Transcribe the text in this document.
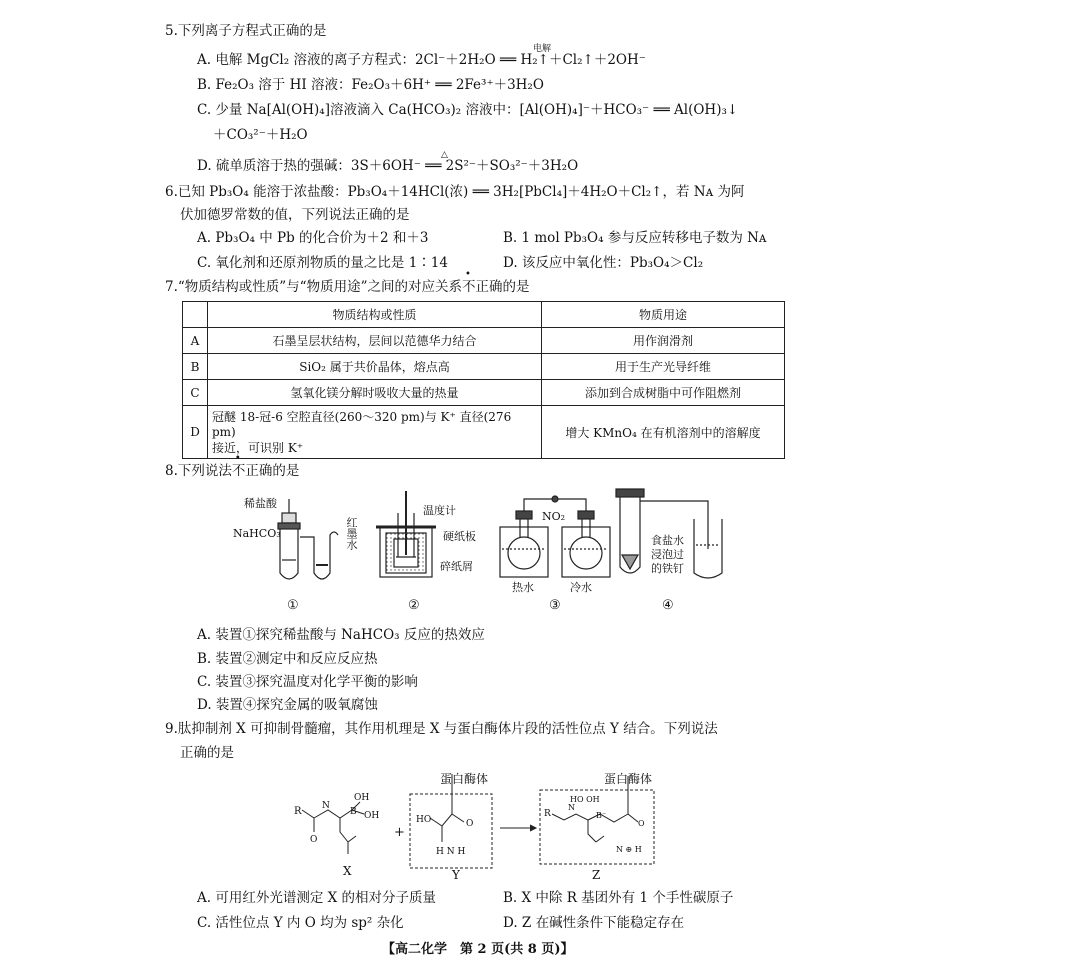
5.下列离子方程式正确的是
A. 电解 MgCl₂ 溶液的离子方程式：2Cl⁻＋2H₂O ══ H₂↑＋Cl₂↑＋2OH⁻
电解
B. Fe₂O₃ 溶于 HI 溶液：Fe₂O₃＋6H⁺ ══ 2Fe³⁺＋3H₂O
C. 少量 Na[Al(OH)₄]溶液滴入 Ca(HCO₃)₂ 溶液中：[Al(OH)₄]⁻＋HCO₃⁻ ══ Al(OH)₃↓
＋CO₃²⁻＋H₂O
D. 硫单质溶于热的强碱：3S＋6OH⁻ ══ 2S²⁻＋SO₃²⁻＋3H₂O
△
6.已知 Pb₃O₄ 能溶于浓盐酸：Pb₃O₄＋14HCl(浓) ══ 3H₂[PbCl₄]＋4H₂O＋Cl₂↑，若 Nᴀ 为阿
伏加德罗常数的值，下列说法正确的是
A. Pb₃O₄ 中 Pb 的化合价为＋2 和＋3	B. 1 mol Pb₃O₄ 参与反应转移电子数为 Nᴀ
C. 氧化剂和还原剂物质的量之比是 1∶14	D. 该反应中氧化性：Pb₃O₄＞Cl₂
7.“物质结构或性质”与“物质用途”之间的对应关系不正确的是
	物质结构或性质	物质用途
A	石墨呈层状结构，层间以范德华力结合	用作润滑剂
B	SiO₂ 属于共价晶体，熔点高	用于生产光导纤维
C	氢氧化镁分解时吸收大量的热量	添加到合成树脂中可作阻燃剂
D	冠醚 18-冠-6 空腔直径(260～320 pm)与 K⁺ 直径(276 pm)
接近，可识别 K⁺	增大 KMnO₄ 在有机溶剂中的溶解度
8.下列说法不正确的是
稀盐酸
NaHCO₃	红墨水
①
温度计
硬纸板
碎纸屑
②
NO₂
热水	冷水
③
食盐水
浸泡过
的铁钉
④
A. 装置①探究稀盐酸与 NaHCO₃ 反应的热效应
B. 装置②测定中和反应反应热
C. 装置③探究温度对化学平衡的影响
D. 装置④探究金属的吸氧腐蚀
9.肽抑制剂 X 可抑制骨髓瘤，其作用机理是 X 与蛋白酶体片段的活性位点 Y 结合。下列说法
正确的是
R
O
N
OH
B OH	HO	O
H N H
R
N
HO OH
B⁻
O
N ⊕ H
蛋白酶体	蛋白酶体
+
X	Y	Z
A. 可用红外光谱测定 X 的相对分子质量	B. X 中除 R 基团外有 1 个手性碳原子
C. 活性位点 Y 内 O 均为 sp² 杂化	D. Z 在碱性条件下能稳定存在
【高二化学　第 2 页(共 8 页)】
